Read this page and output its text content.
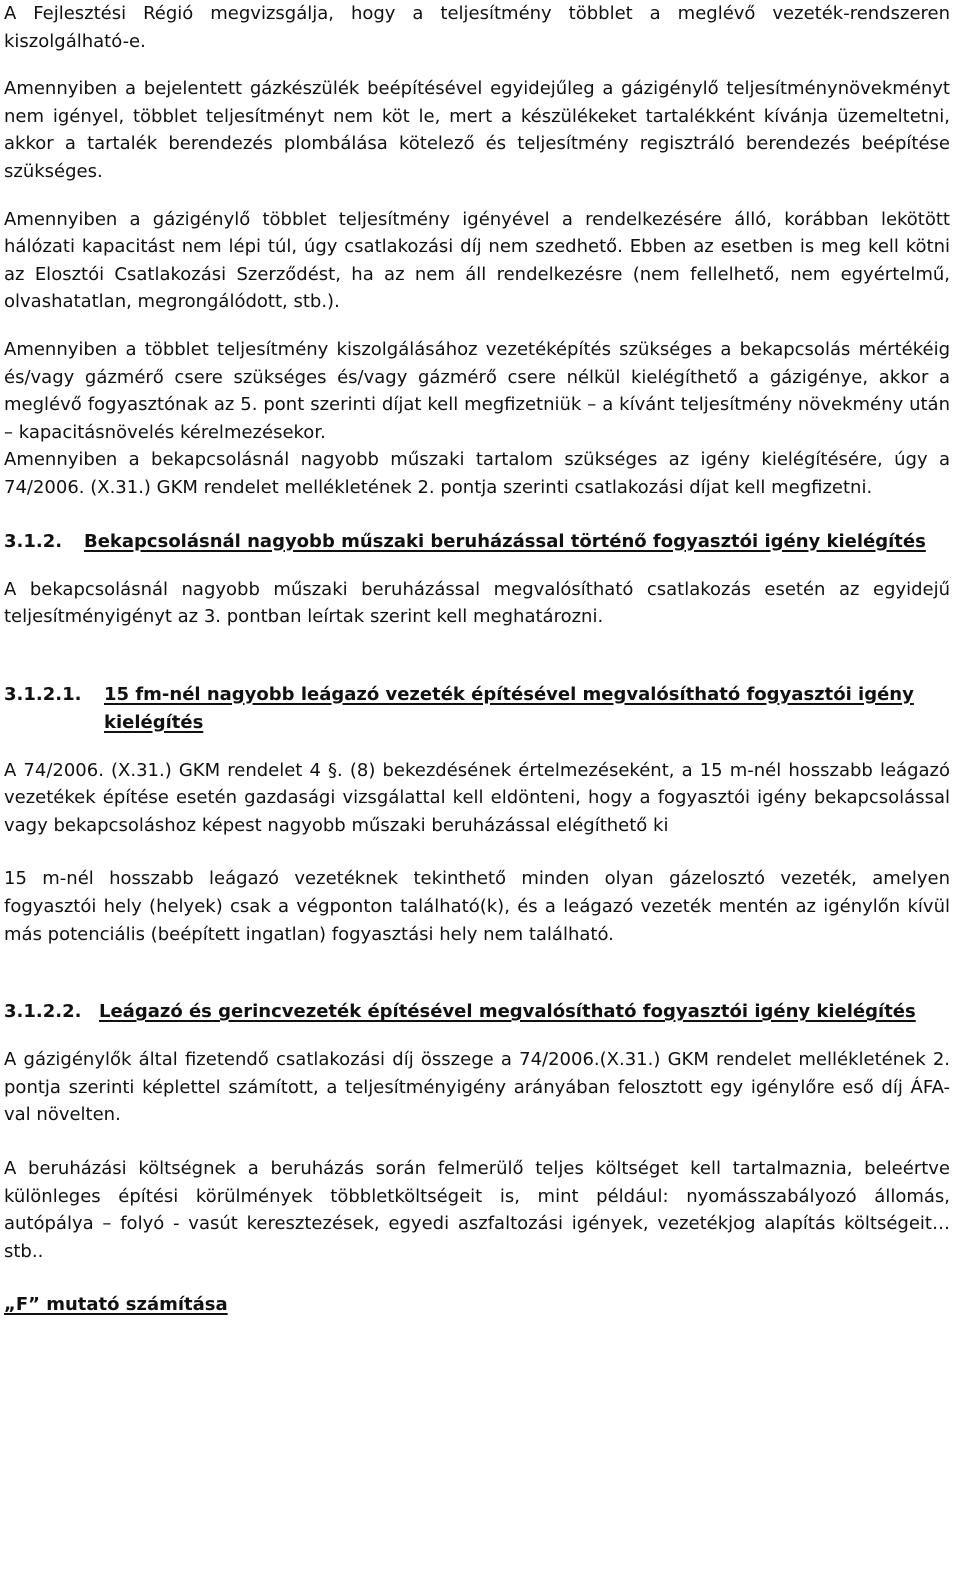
A Fejlesztési Régió megvizsgálja, hogy a teljesítmény többlet a meglévő vezeték-rendszeren kiszolgálható-e.

Amennyiben a bejelentett gázkészülék beépítésével egyidejűleg a gázigénylő teljesítménynövekményt nem igényel, többlet teljesítményt nem köt le, mert a készülékeket tartalékként kívánja üzemeltetni, akkor a tartalék berendezés plombálása kötelező és teljesítmény regisztráló berendezés beépítése szükséges.

Amennyiben a gázigénylő többlet teljesítmény igényével a rendelkezésére álló, korábban lekötött hálózati kapacitást nem lépi túl, úgy csatlakozási díj nem szedhető. Ebben az esetben is meg kell kötni az Elosztói Csatlakozási Szerződést, ha az nem áll rendelkezésre (nem fellelhető, nem egyértelmű, olvashatatlan, megrongálódott, stb.).

Amennyiben a többlet teljesítmény kiszolgálásához vezetéképítés szükséges a bekapcsolás mértékéig és/vagy gázmérő csere szükséges és/vagy gázmérő csere nélkül kielégíthető a gázigénye, akkor a meglévő fogyasztónak az 5. pont szerinti díjat kell megfizetniük – a kívánt teljesítmény növekmény után – kapacitásnövelés kérelmezésekor.

Amennyiben a bekapcsolásnál nagyobb műszaki tartalom szükséges az igény kielégítésére, úgy a 74/2006. (X.31.) GKM rendelet mellékletének 2. pontja szerinti csatlakozási díjat kell megfizetni.

3.1.2.	Bekapcsolásnál nagyobb műszaki beruházással történő fogyasztói igény kielégítés

A bekapcsolásnál nagyobb műszaki beruházással megvalósítható csatlakozás esetén az egyidejű teljesítményigényt az 3. pontban leírtak szerint kell meghatározni.

3.1.2.1.	15 fm-nél nagyobb leágazó vezeték építésével megvalósítható fogyasztói igény kielégítés

A 74/2006. (X.31.) GKM rendelet 4 §. (8) bekezdésének értelmezéseként, a 15 m-nél hosszabb leágazó vezetékek építése esetén gazdasági vizsgálattal kell eldönteni, hogy a fogyasztói igény bekapcsolással vagy bekapcsoláshoz képest nagyobb műszaki beruházással elégíthető ki

15 m-nél hosszabb leágazó vezetéknek tekinthető minden olyan gázelosztó vezeték, amelyen fogyasztói hely (helyek) csak a végponton található(k), és a leágazó vezeték mentén az igénylőn kívül más potenciális (beépített ingatlan) fogyasztási hely nem található.

3.1.2.2. Leágazó és gerincvezeték építésével megvalósítható fogyasztói igény kielégítés

A gázigénylők által fizetendő csatlakozási díj összege a 74/2006.(X.31.) GKM rendelet mellékletének 2. pontja szerinti képlettel számított, a teljesítményigény arányában felosztott egy igénylőre eső díj ÁFA-val növelten.

A beruházási költségnek a beruházás során felmerülő teljes költséget kell tartalmaznia, beleértve különleges építési körülmények többletköltségeit is, mint például: nyomásszabályozó állomás, autópálya – folyó - vasút keresztezések, egyedi aszfaltozási igények, vezetékjog alapítás költségeit…stb..

„F” mutató számítása
